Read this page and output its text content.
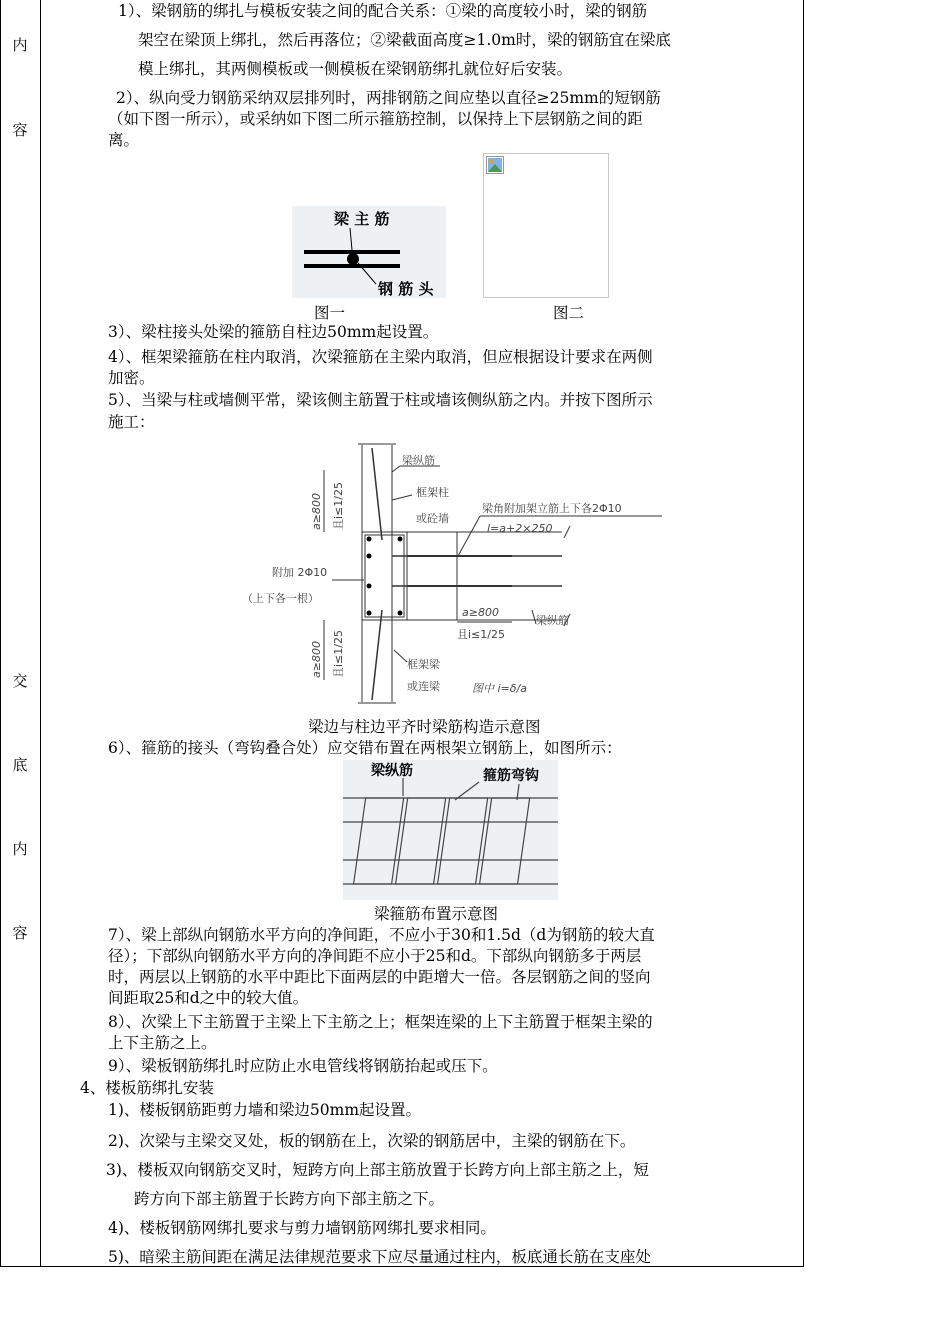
内
容
交
底
内
容
1）、梁钢筋的绑扎与模板安装之间的配合关系：①梁的高度较小时，梁的钢筋
架空在梁顶上绑扎，然后再落位；②梁截面高度≥1.0m时，梁的钢筋宜在梁底
模上绑扎，其两侧模板或一侧模板在梁钢筋绑扎就位好后安装。
2）、纵向受力钢筋采纳双层排列时，两排钢筋之间应垫以直径≥25mm的短钢筋
（如下图一所示），或采纳如下图二所示箍筋控制，以保持上下层钢筋之间的距
离。
梁 主 筋
钢 筋 头
图一	图二
3）、梁柱接头处梁的箍筋自柱边50mm起设置。
4）、框架梁箍筋在柱内取消，次梁箍筋在主梁内取消，但应根据设计要求在两侧
加密。
5）、当梁与柱或墙侧平常，梁该侧主筋置于柱或墙该侧纵筋之内。并按下图所示
施工：
梁纵筋
框架柱
或砼墙
梁角附加架立筋上下各2Φ10
l=a+2×250
附加 2Φ10
（上下各一根）
a≥800
且i≤1/25
梁纵筋
框架梁
或连梁	图中 i=δ/a
a≥800 且i≤1/25
a≥800 且i≤1/25
梁边与柱边平齐时梁筋构造示意图
6）、箍筋的接头（弯钩叠合处）应交错布置在两根架立钢筋上，如图所示：
梁纵筋	箍筋弯钩
梁箍筋布置示意图
7）、梁上部纵向钢筋水平方向的净间距，不应小于30和1.5d（d为钢筋的较大直
径）；下部纵向钢筋水平方向的净间距不应小于25和d。下部纵向钢筋多于两层
时，两层以上钢筋的水平中距比下面两层的中距增大一倍。各层钢筋之间的竖向
间距取25和d之中的较大值。
8）、次梁上下主筋置于主梁上下主筋之上；框架连梁的上下主筋置于框架主梁的
上下主筋之上。
9）、梁板钢筋绑扎时应防止水电管线将钢筋抬起或压下。
4、楼板筋绑扎安装
1)、楼板钢筋距剪力墙和梁边50mm起设置。
2)、次梁与主梁交叉处，板的钢筋在上，次梁的钢筋居中，主梁的钢筋在下。
3)、楼板双向钢筋交叉时，短跨方向上部主筋放置于长跨方向上部主筋之上，短
跨方向下部主筋置于长跨方向下部主筋之下。
4)、楼板钢筋网绑扎要求与剪力墙钢筋网绑扎要求相同。
5)、暗梁主筋间距在满足法律规范要求下应尽量通过柱内，板底通长筋在支座处
